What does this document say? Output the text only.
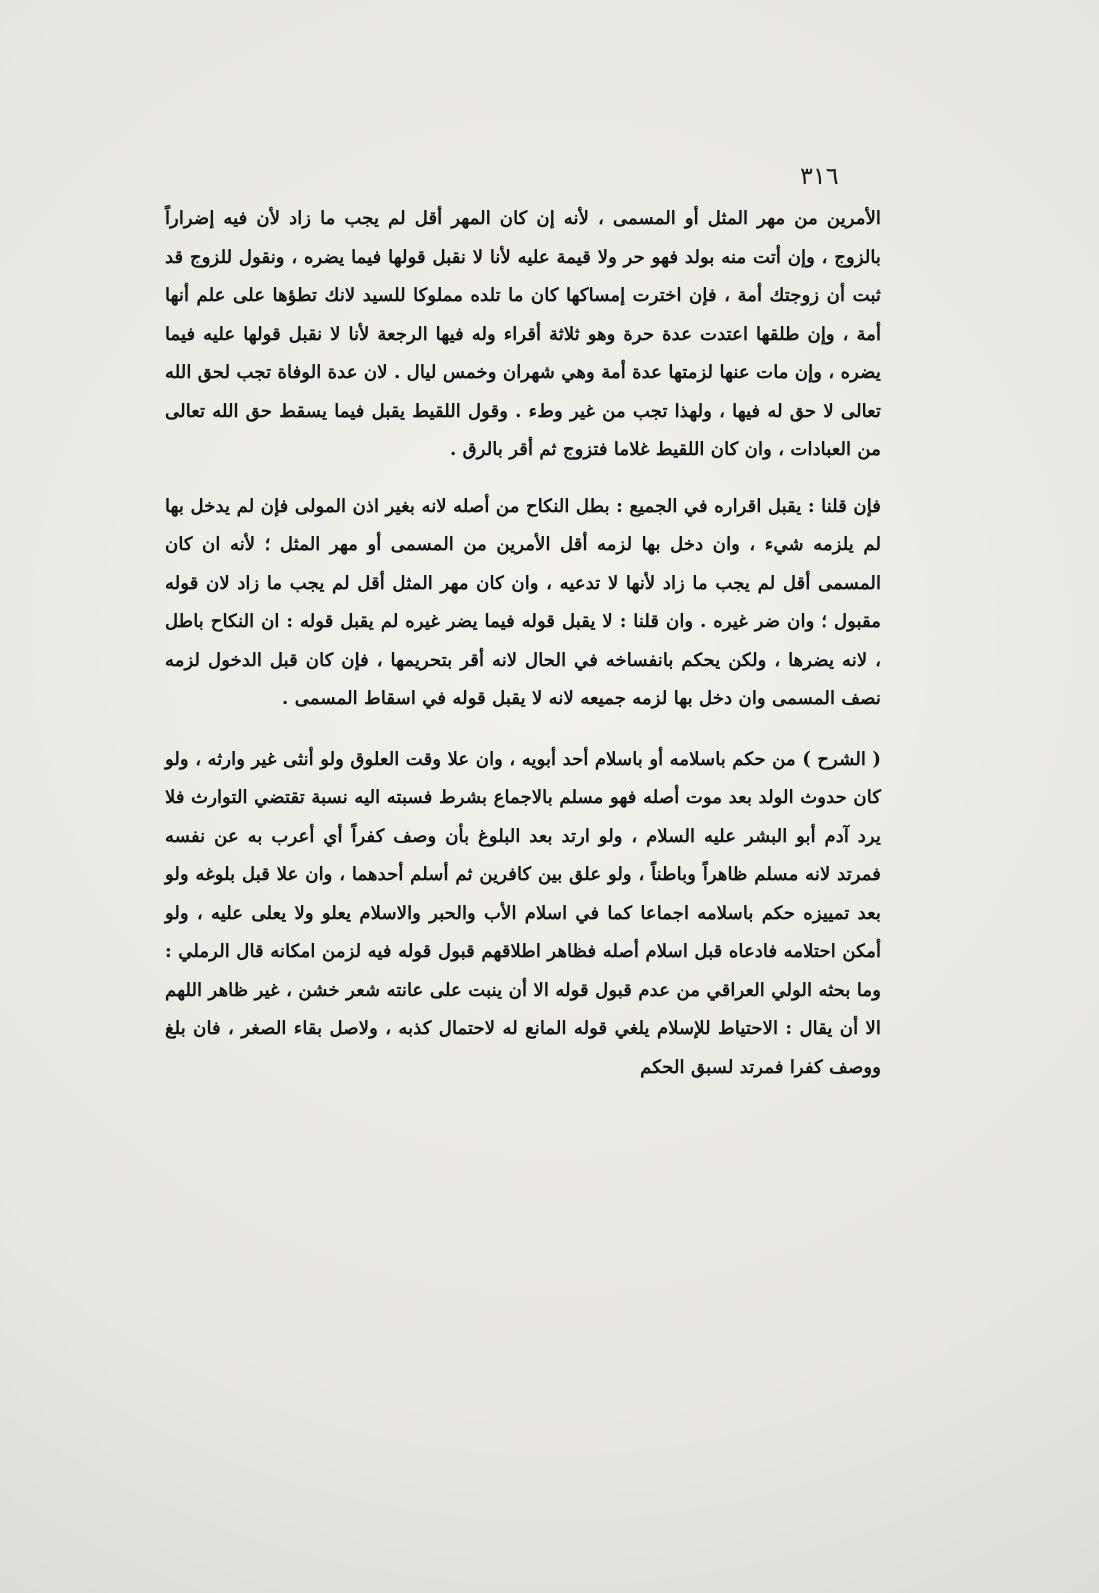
٣١٦

الأمرين من مهر المثل أو المسمى ، لأنه إن كان المهر أقل لم يجب ما زاد لأن فيه إضراراً بالزوج ، وإن أتت منه بولد فهو حر ولا قيمة عليه لأنا لا نقبل قولها فيما يضره ، ونقول للزوج قد ثبت أن زوجتك أمة ، فإن اخترت إمساكها كان ما تلده مملوكا للسيد لانك تطؤها على علم أنها أمة ، وإن طلقها اعتدت عدة حرة وهو ثلاثة أقراء وله فيها الرجعة لأنا لا نقبل قولها عليه فيما يضره ، وإن مات عنها لزمتها عدة أمة وهي شهران وخمس ليال . لان عدة الوفاة تجب لحق الله تعالى لا حق له فيها ، ولهذا تجب من غير وطء . وقول اللقيط يقبل فيما يسقط حق الله تعالى من العبادات ، وان كان اللقيط غلاما فتزوج ثم أقر بالرق .

فإن قلنا : يقبل اقراره في الجميع : بطل النكاح من أصله لانه بغير اذن المولى فإن لم يدخل بها لم يلزمه شيء ، وان دخل بها لزمه أقل الأمرين من المسمى أو مهر المثل ؛ لأنه ان كان المسمى أقل لم يجب ما زاد لأنها لا تدعيه ، وان كان مهر المثل أقل لم يجب ما زاد لان قوله مقبول ؛ وان ضر غيره . وان قلنا : لا يقبل قوله فيما يضر غيره لم يقبل قوله : ان النكاح باطل ، لانه يضرها ، ولكن يحكم بانفساخه في الحال لانه أقر بتحريمها ، فإن كان قبل الدخول لزمه نصف المسمى وان دخل بها لزمه جميعه لانه لا يقبل قوله في اسقاط المسمى .

( الشرح ) من حكم باسلامه أو باسلام أحد أبويه ، وان علا وقت العلوق ولو أنثى غير وارثه ، ولو كان حدوث الولد بعد موت أصله فهو مسلم بالاجماع بشرط فسبته اليه نسبة تقتضي التوارث فلا يرد آدم أبو البشر عليه السلام ، ولو ارتد بعد البلوغ بأن وصف كفراً أي أعرب به عن نفسه فمرتد لانه مسلم ظاهراً وباطناً ، ولو علق بين كافرين ثم أسلم أحدهما ، وان علا قبل بلوغه ولو بعد تمييزه حكم باسلامه اجماعا كما في اسلام الأب والحبر والاسلام يعلو ولا يعلى عليه ، ولو أمكن احتلامه فادعاه قبل اسلام أصله فظاهر اطلاقهم قبول قوله فيه لزمن امكانه قال الرملي : وما بحثه الولي العراقي من عدم قبول قوله الا أن ينبت على عانته شعر خشن ، غير ظاهر اللهم الا أن يقال : الاحتياط للإسلام يلغي قوله المانع له لاحتمال كذبه ، ولاصل بقاء الصغر ، فان بلغ ووصف كفرا فمرتد لسبق الحكم
